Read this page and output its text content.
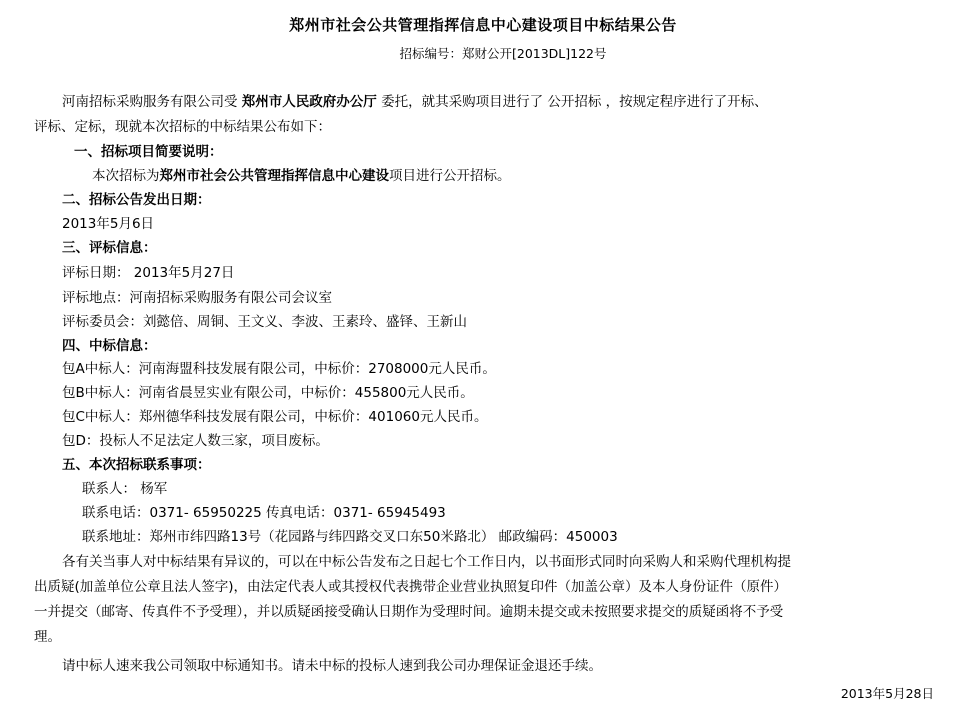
郑州市社会公共管理指挥信息中心建设项目中标结果公告
招标编号：郑财公开[2013DL]122号
河南招标采购服务有限公司受 郑州市人民政府办公厅 委托，就其采购项目进行了 公开招标 ，按规定程序进行了开标、
评标、定标，现就本次招标的中标结果公布如下：
一、招标项目简要说明：
本次招标为郑州市社会公共管理指挥信息中心建设项目进行公开招标。
二、招标公告发出日期：
2013年5月6日
三、评标信息：
评标日期： 2013年5月27日
评标地点：河南招标采购服务有限公司会议室
评标委员会：刘懿倍、周铜、王文义、李波、王素玲、盛铎、王新山
四、中标信息：
包A中标人：河南海盟科技发展有限公司，中标价：2708000元人民币。
包B中标人：河南省晨昱实业有限公司，中标价：455800元人民币。
包C中标人：郑州德华科技发展有限公司，中标价：401060元人民币。
包D：投标人不足法定人数三家，项目废标。
五、本次招标联系事项：
联系人： 杨军
联系电话：0371- 65950225 传真电话：0371- 65945493
联系地址：郑州市纬四路13号（花园路与纬四路交叉口东50米路北） 邮政编码：450003
各有关当事人对中标结果有异议的，可以在中标公告发布之日起七个工作日内，以书面形式同时向采购人和采购代理机构提
出质疑(加盖单位公章且法人签字)，由法定代表人或其授权代表携带企业营业执照复印件（加盖公章）及本人身份证件（原件）
一并提交（邮寄、传真件不予受理），并以质疑函接受确认日期作为受理时间。逾期未提交或未按照要求提交的质疑函将不予受
理。
请中标人速来我公司领取中标通知书。请未中标的投标人速到我公司办理保证金退还手续。
2013年5月28日
